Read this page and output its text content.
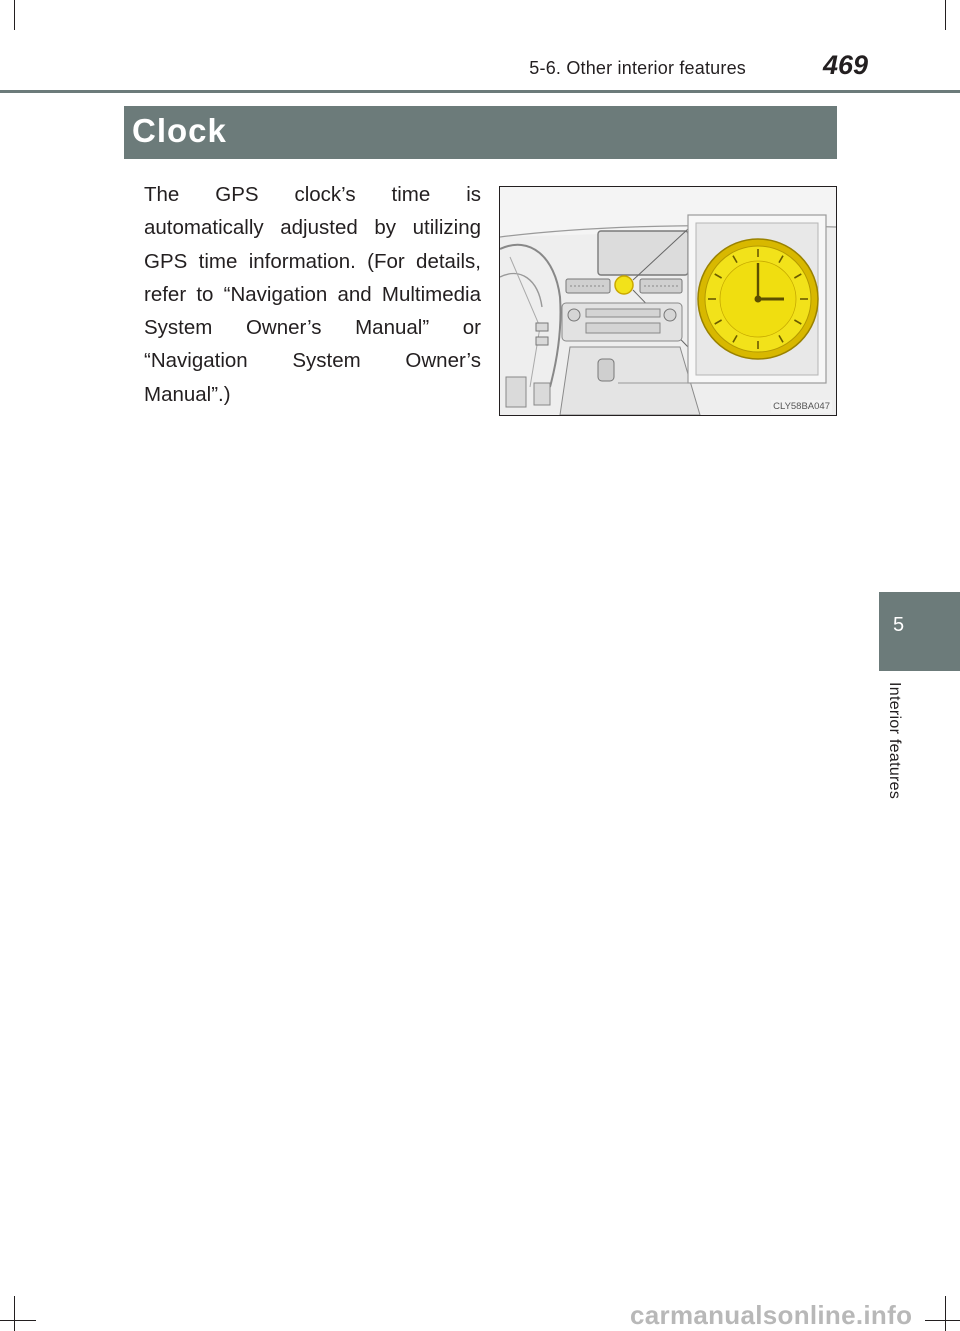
5-6. Other interior features	469
Clock
The GPS clock’s time is automatically adjusted by utilizing GPS time information. (For details, refer to “Navigation and Multimedia System Owner’s Manual” or “Navigation System Owner’s Manual”.)
CLY58BA047
5
Interior features
carmanualsonline.info
